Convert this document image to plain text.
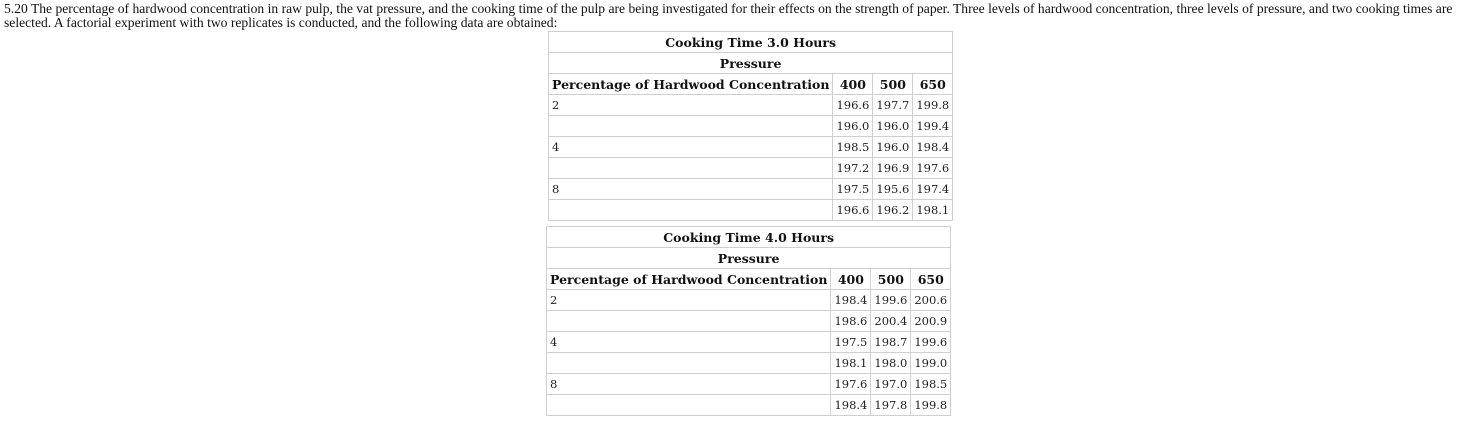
5.20 The percentage of hardwood concentration in raw pulp, the vat pressure, and the cooking time of the pulp are being investigated for their effects on the strength of paper. Three levels of hardwood concentration, three levels of pressure, and two cooking times are selected. A factorial experiment with two replicates is conducted, and the following data are obtained:

Cooking Time 3.0 Hours			
Pressure			
Percentage of Hardwood Concentration	400	500	650
2	196.6	197.7	199.8
	196.0	196.0	199.4
4	198.5	196.0	198.4
	197.2	196.9	197.6
8	197.5	195.6	197.4
	196.6	196.2	198.1
Cooking Time 4.0 Hours			
Pressure			
Percentage of Hardwood Concentration	400	500	650
2	198.4	199.6	200.6
	198.6	200.4	200.9
4	197.5	198.7	199.6
	198.1	198.0	199.0
8	197.6	197.0	198.5
	198.4	197.8	199.8
